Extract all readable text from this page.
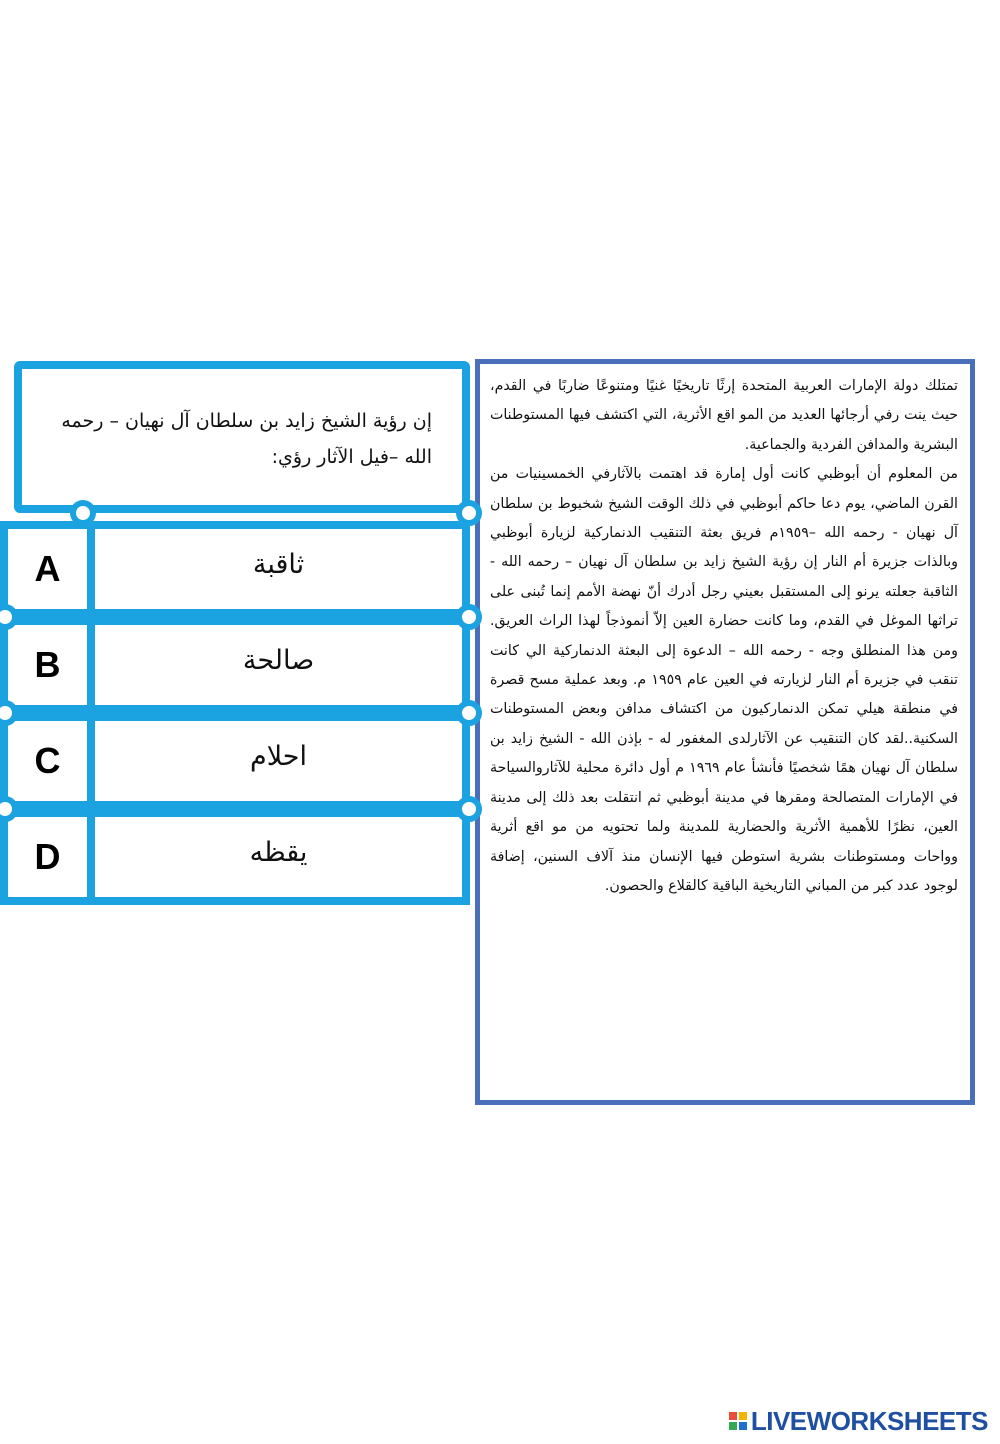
تمتلك دولة الإمارات العربية المتحدة إرثًا تاريخيًا غنيًا ومتنوعًا ضاربًا في القدم، حيث ينت رفي أرجائها العديد من المو اقع الأثرية، التي اكتشف فيها المستوطنات البشرية والمدافن الفردية والجماعية.

من المعلوم أن أبوظبي كانت أول إمارة قد اهتمت بالآثارفي الخمسينيات من القرن الماضي، يوم دعا حاكم أبوظبي في ذلك الوقت الشيخ شخبوط بن سلطان آل نهيان - رحمه الله –١٩٥٩م فريق بعثة التنقيب الدنماركية لزيارة أبوظبي وبالذات جزيرة أم النار إن رؤية الشيخ زايد بن سلطان آل نهيان – رحمه الله - الثاقبة جعلته يرنو إلى المستقبل بعيني رجل أدرك أنّ نهضة الأمم إنما تُبنى على تراثها الموغل في القدم، وما كانت حضارة العين إلاّ أنموذجاً لهذا الراث العريق. ومن هذا المنطلق وجه - رحمه الله – الدعوة إلى البعثة الدنماركية الي كانت تنقب في جزيرة أم النار لزيارته في العين عام ١٩٥٩ م. وبعد عملية مسح قصرة في منطقة هيلي تمكن الدنماركيون من اكتشاف مدافن وبعض المستوطنات السكنية..لقد كان التنقيب عن الآثارلدى المغفور له - بإذن الله - الشيخ زايد بن سلطان آل نهيان همًا شخصيًا فأنشأ عام ١٩٦٩ م أول دائرة محلية للآثاروالسياحة في الإمارات المتصالحة ومقرها في مدينة أبوظبي ثم انتقلت بعد ذلك إلى مدينة العين، نظرًا للأهمية الأثرية والحضارية للمدينة ولما تحتويه من مو اقع أثرية وواحات ومستوطنات بشرية استوطن فيها الإنسان منذ آلاف السنين، إضافة لوجود عدد كبر من المباني التاريخية الباقية كالقلاع والحصون.

إن رؤية الشيخ زايد بن سلطان آل نهيان – رحمه الله –فيل الآثار رؤي:

A	ثاقبة
B	صالحة
C	احلام
D	يقظه
LIVEWORKSHEETS
